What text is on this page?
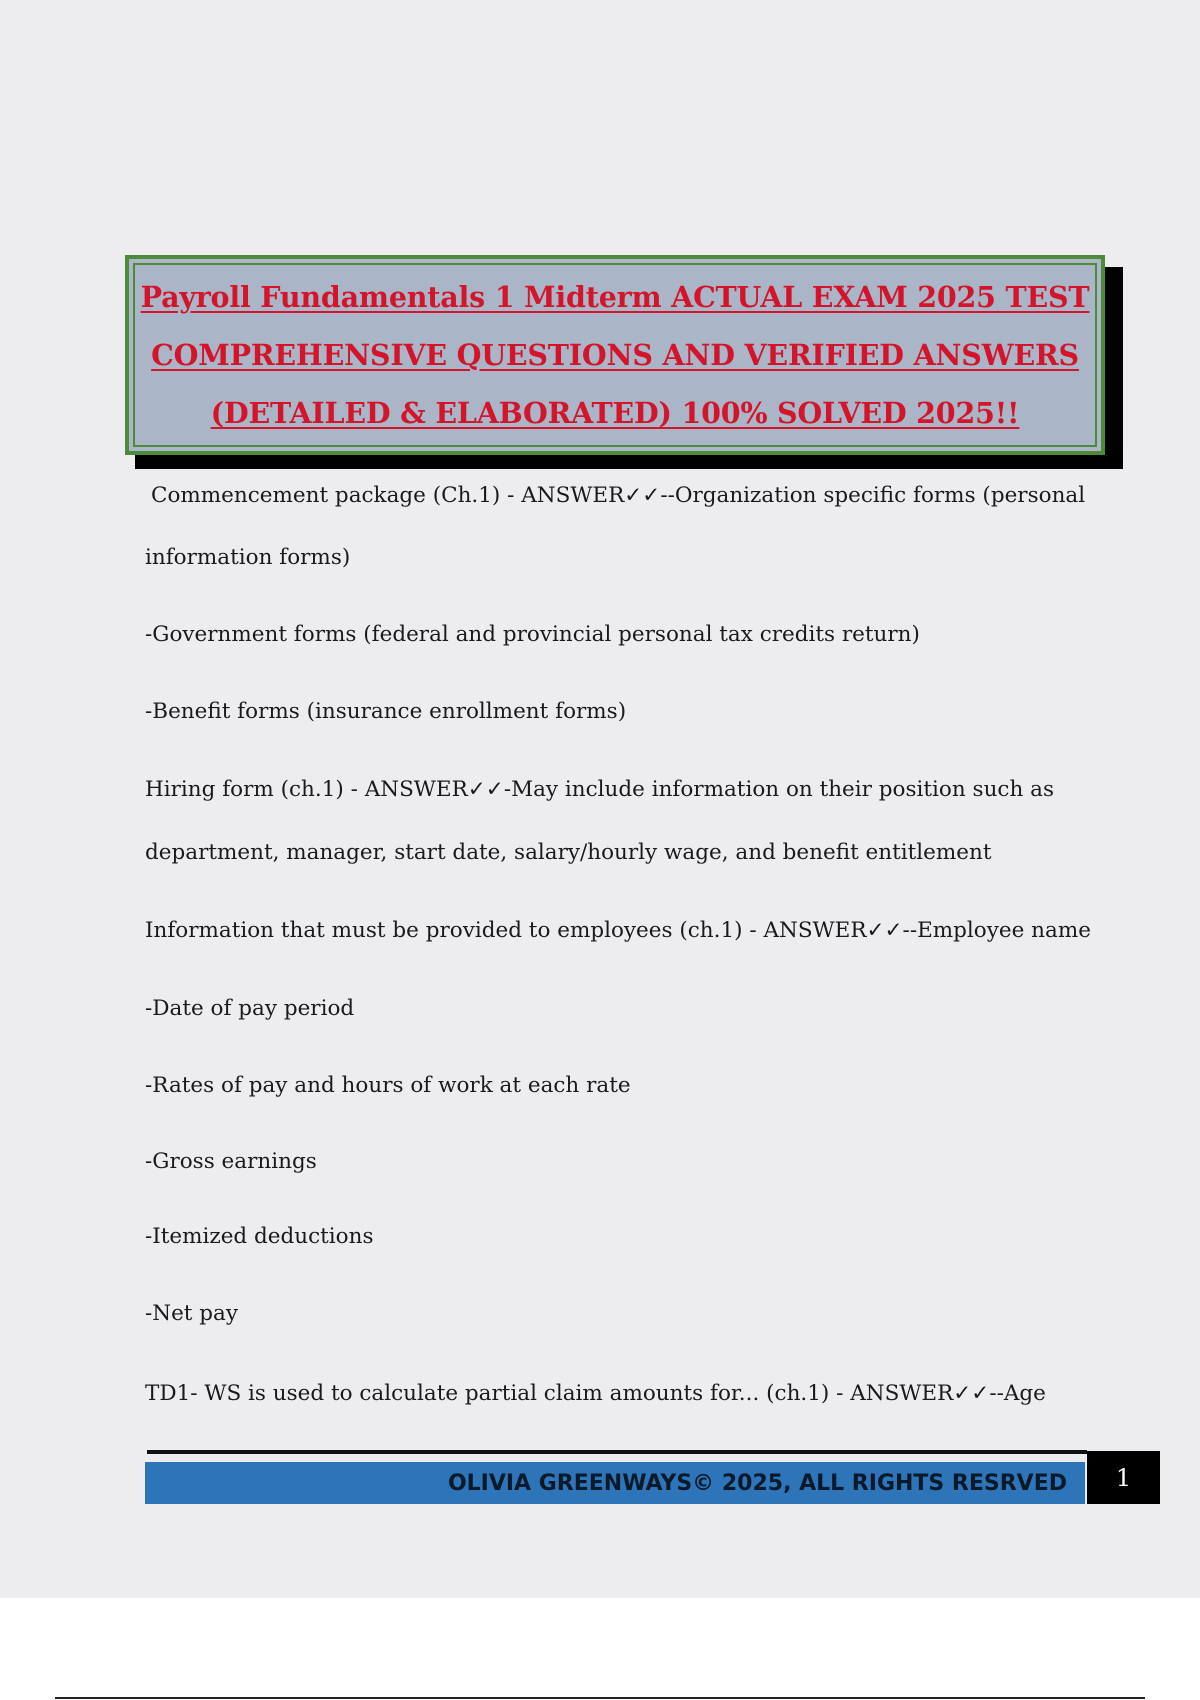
Payroll Fundamentals 1 Midterm ACTUAL EXAM 2025 TEST
COMPREHENSIVE QUESTIONS AND VERIFIED ANSWERS
(DETAILED & ELABORATED) 100% SOLVED 2025!!
Commencement package (Ch.1) - ANSWER✓✓--Organization specific forms (personal
information forms)
-Government forms (federal and provincial personal tax credits return)
-Benefit forms (insurance enrollment forms)
Hiring form (ch.1) - ANSWER✓✓-May include information on their position such as
department, manager, start date, salary/hourly wage, and benefit entitlement
Information that must be provided to employees (ch.1) - ANSWER✓✓--Employee name
-Date of pay period
-Rates of pay and hours of work at each rate
-Gross earnings
-Itemized deductions
-Net pay
TD1- WS is used to calculate partial claim amounts for... (ch.1) - ANSWER✓✓--Age
OLIVIA GREENWAYS© 2025, ALL RIGHTS RESRVED	1
